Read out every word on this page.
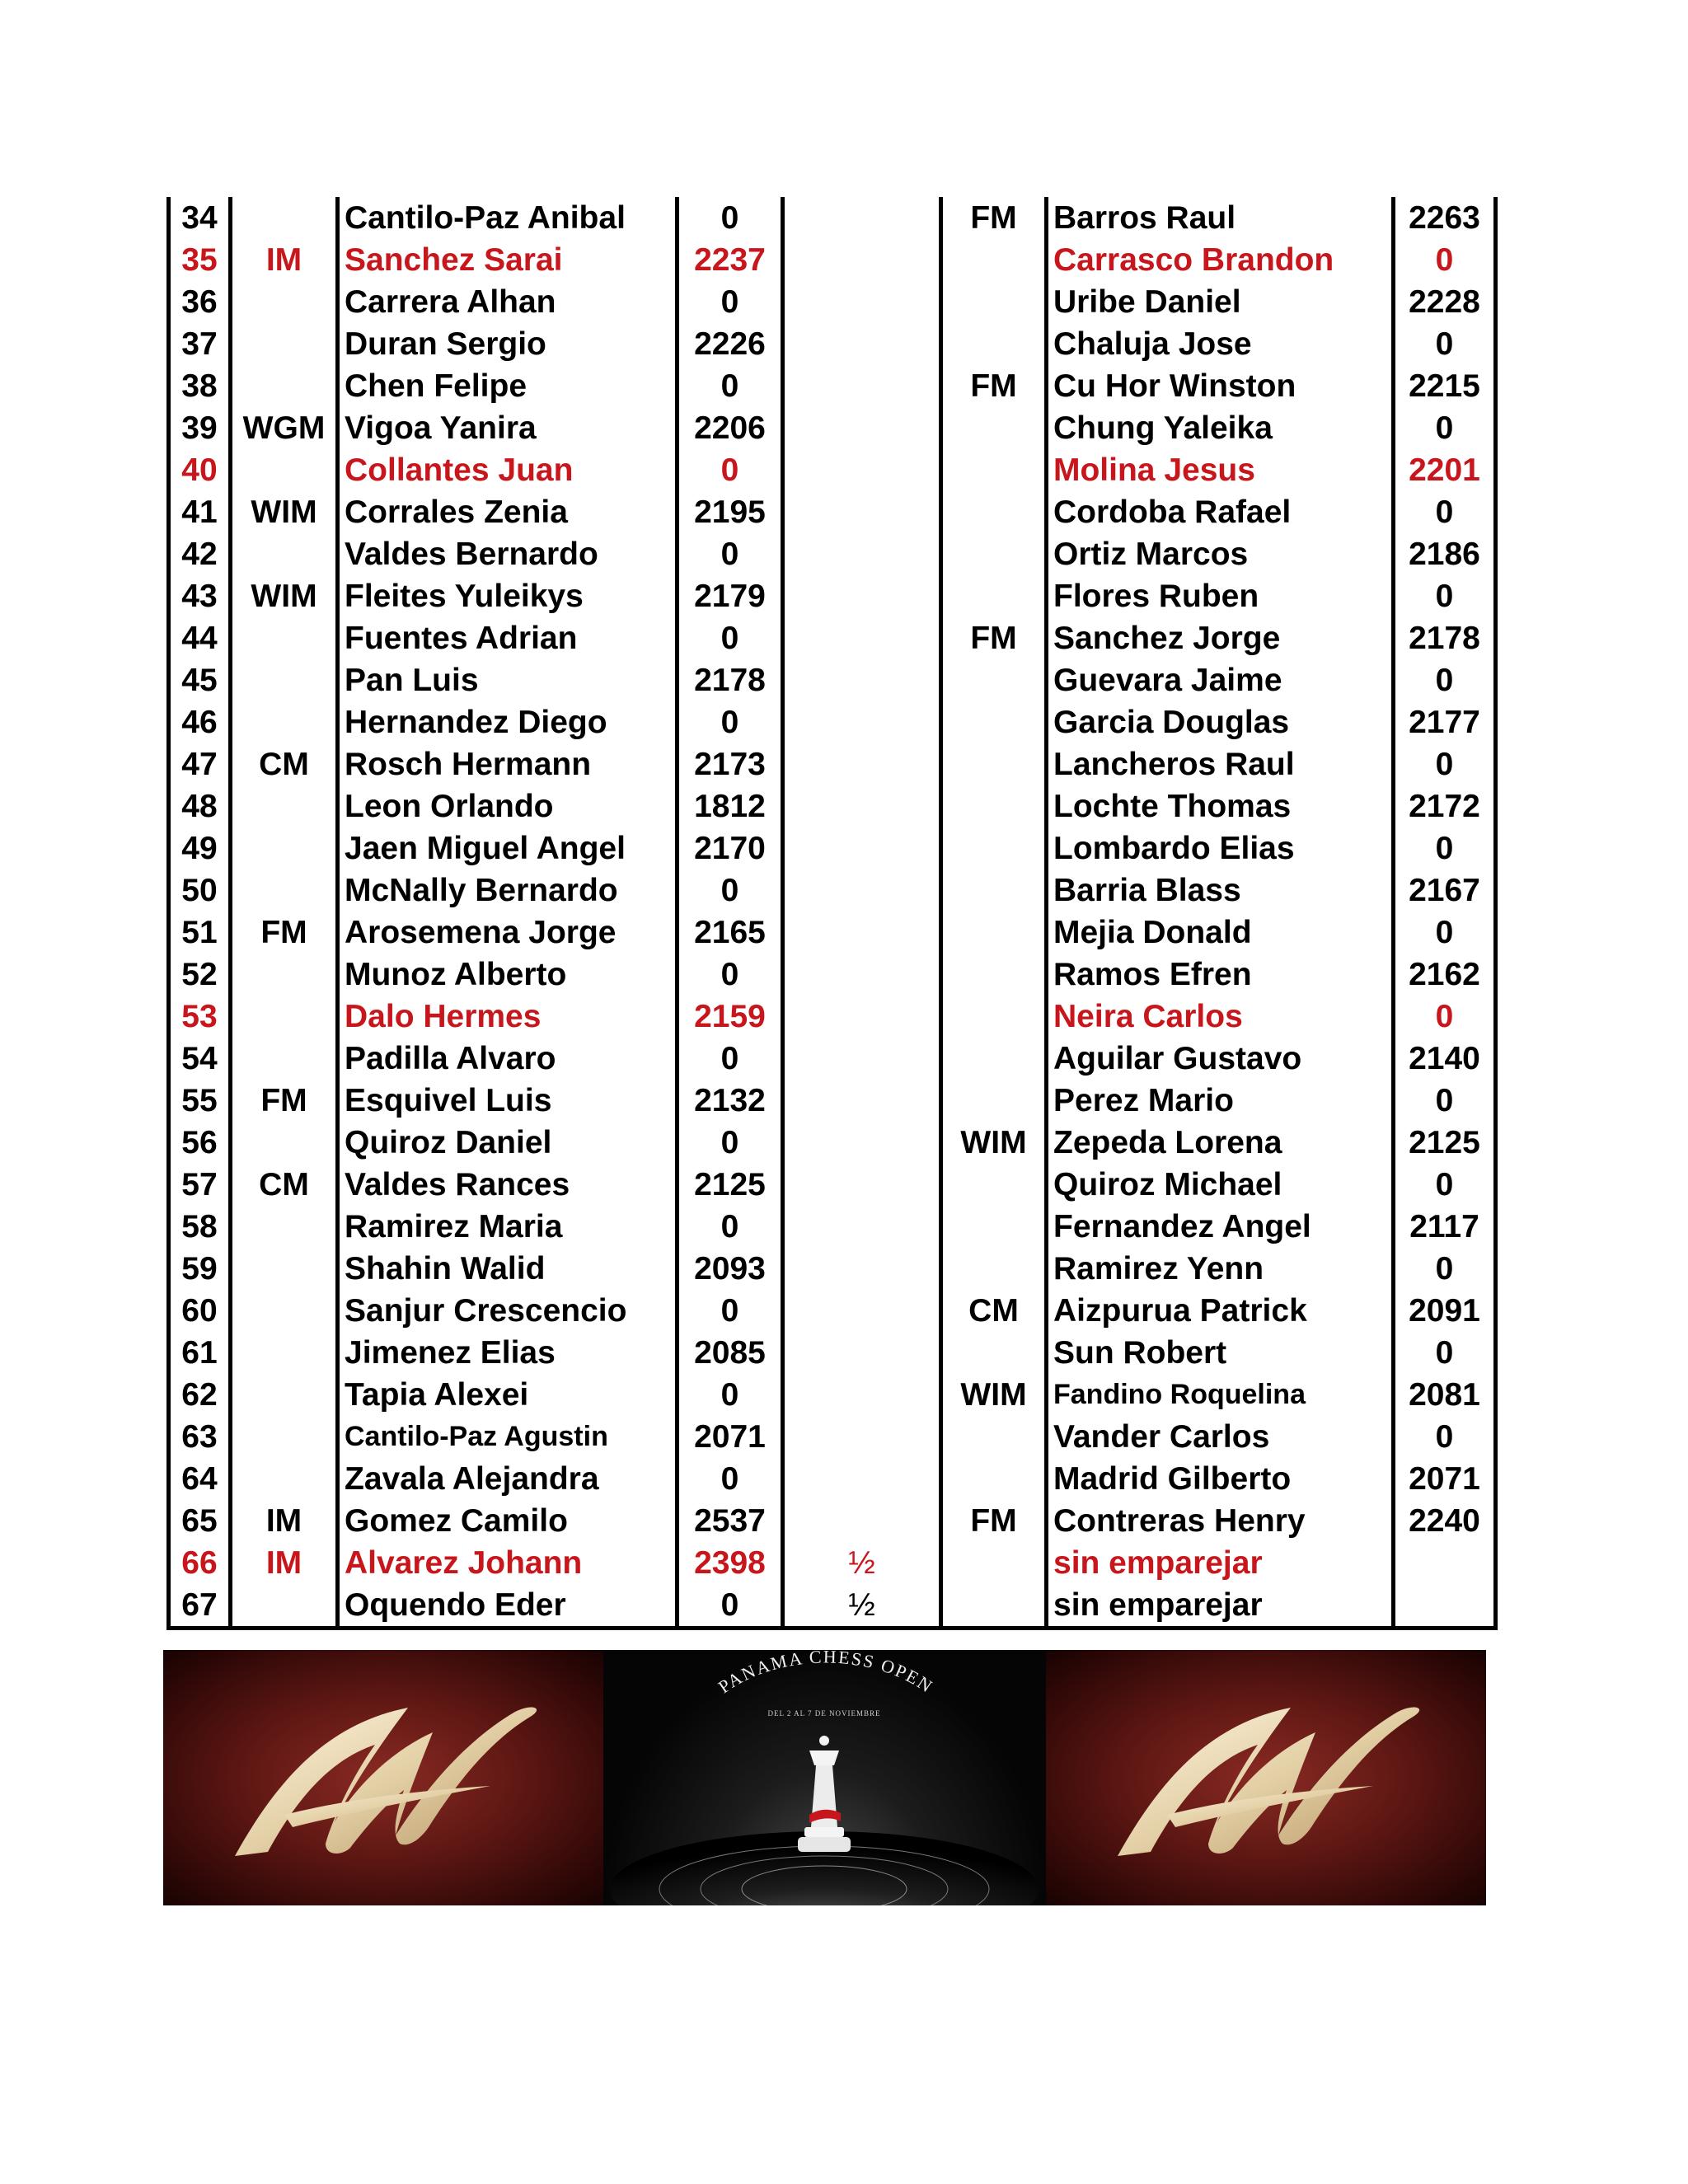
34		Cantilo-Paz Anibal	0		FM	Barros Raul	2263
35	IM	Sanchez Sarai	2237			Carrasco Brandon	0
36		Carrera Alhan	0			Uribe Daniel	2228
37		Duran Sergio	2226			Chaluja Jose	0
38		Chen Felipe	0		FM	Cu Hor Winston	2215
39	WGM	Vigoa Yanira	2206			Chung Yaleika	0
40		Collantes Juan	0			Molina Jesus	2201
41	WIM	Corrales Zenia	2195			Cordoba Rafael	0
42		Valdes Bernardo	0			Ortiz Marcos	2186
43	WIM	Fleites Yuleikys	2179			Flores Ruben	0
44		Fuentes Adrian	0		FM	Sanchez Jorge	2178
45		Pan Luis	2178			Guevara Jaime	0
46		Hernandez Diego	0			Garcia Douglas	2177
47	CM	Rosch Hermann	2173			Lancheros Raul	0
48		Leon Orlando	1812			Lochte Thomas	2172
49		Jaen Miguel Angel	2170			Lombardo Elias	0
50		McNally Bernardo	0			Barria Blass	2167
51	FM	Arosemena Jorge	2165			Mejia Donald	0
52		Munoz Alberto	0			Ramos Efren	2162
53		Dalo Hermes	2159			Neira Carlos	0
54		Padilla Alvaro	0			Aguilar Gustavo	2140
55	FM	Esquivel Luis	2132			Perez Mario	0
56		Quiroz Daniel	0		WIM	Zepeda Lorena	2125
57	CM	Valdes Rances	2125			Quiroz Michael	0
58		Ramirez Maria	0			Fernandez Angel	2117
59		Shahin Walid	2093			Ramirez Yenn	0
60		Sanjur Crescencio	0		CM	Aizpurua Patrick	2091
61		Jimenez Elias	2085			Sun Robert	0
62		Tapia Alexei	0		WIM	Fandino Roquelina	2081
63		Cantilo-Paz Agustin	2071			Vander Carlos	0
64		Zavala Alejandra	0			Madrid Gilberto	2071
65	IM	Gomez Camilo	2537		FM	Contreras Henry	2240
66	IM	Alvarez Johann	2398	½		sin emparejar	
67		Oquendo Eder	0	½		sin emparejar	
PANAMA CHESS OPEN
DEL 2 AL 7 DE NOVIEMBRE
